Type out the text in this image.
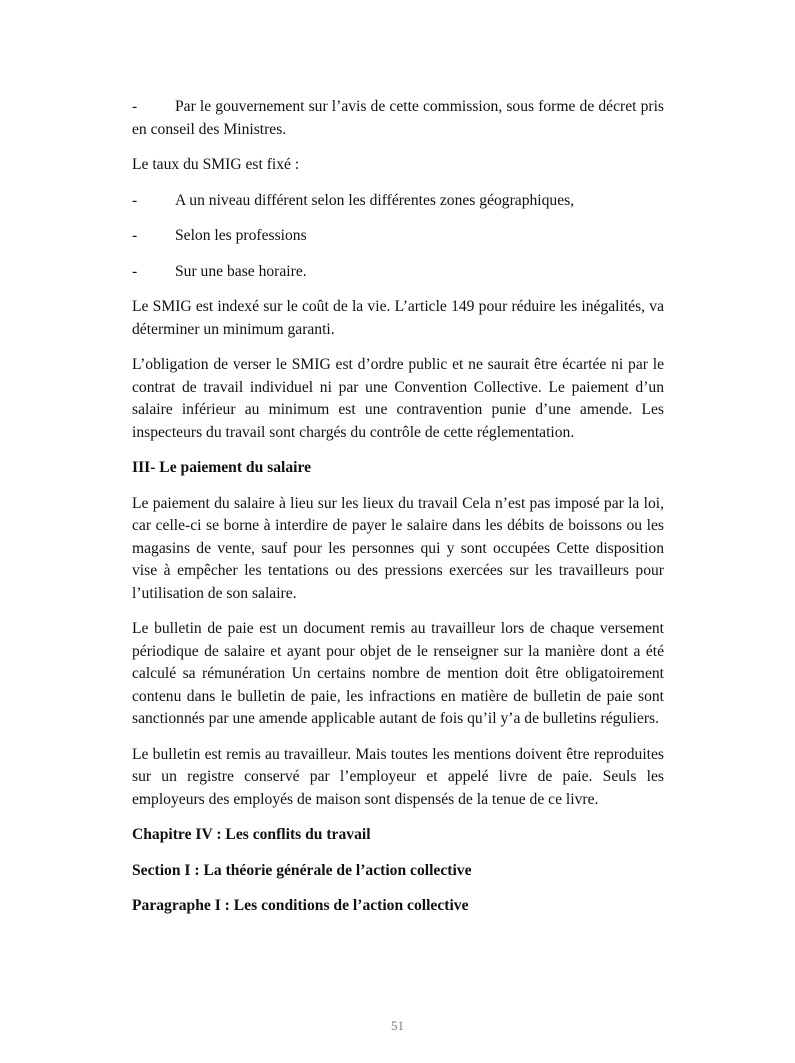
- Par le gouvernement sur l’avis de cette commission, sous forme de décret pris en conseil des Ministres.

Le taux du SMIG est fixé :

-	A un niveau différent selon les différentes zones géographiques,
-	Selon les professions
-	Sur une base horaire.

Le SMIG est indexé sur le coût de la vie. L’article 149 pour réduire les inégalités, va déterminer un minimum garanti.

L’obligation de verser le SMIG est d’ordre public et ne saurait être écartée ni par le contrat de travail individuel ni par une Convention Collective. Le paiement d’un salaire inférieur au minimum est une contravention punie d’une amende. Les inspecteurs du travail sont chargés du contrôle de cette réglementation.

III- Le paiement du salaire

Le paiement du salaire à lieu sur les lieux du travail Cela n’est pas imposé par la loi, car celle-ci se borne à interdire de payer le salaire dans les débits de boissons ou les magasins de vente, sauf pour les personnes qui y sont occupées Cette disposition vise à empêcher les tentations ou des pressions exercées sur les travailleurs pour l’utilisation de son salaire.

Le bulletin de paie est un document remis au travailleur lors de chaque versement périodique de salaire et ayant pour objet de le renseigner sur la manière dont a été calculé sa rémunération Un certains nombre de mention doit être obligatoirement contenu dans le bulletin de paie, les infractions en matière de bulletin de paie sont sanctionnés par une amende applicable autant de fois qu’il y’a de bulletins réguliers.

Le bulletin est remis au travailleur. Mais toutes les mentions doivent être reproduites sur un registre conservé par l’employeur et appelé livre de paie. Seuls les employeurs des employés de maison sont dispensés de la tenue de ce livre.

Chapitre IV : Les conflits du travail

Section I : La théorie générale de l’action collective

Paragraphe I : Les conditions de l’action collective

51
